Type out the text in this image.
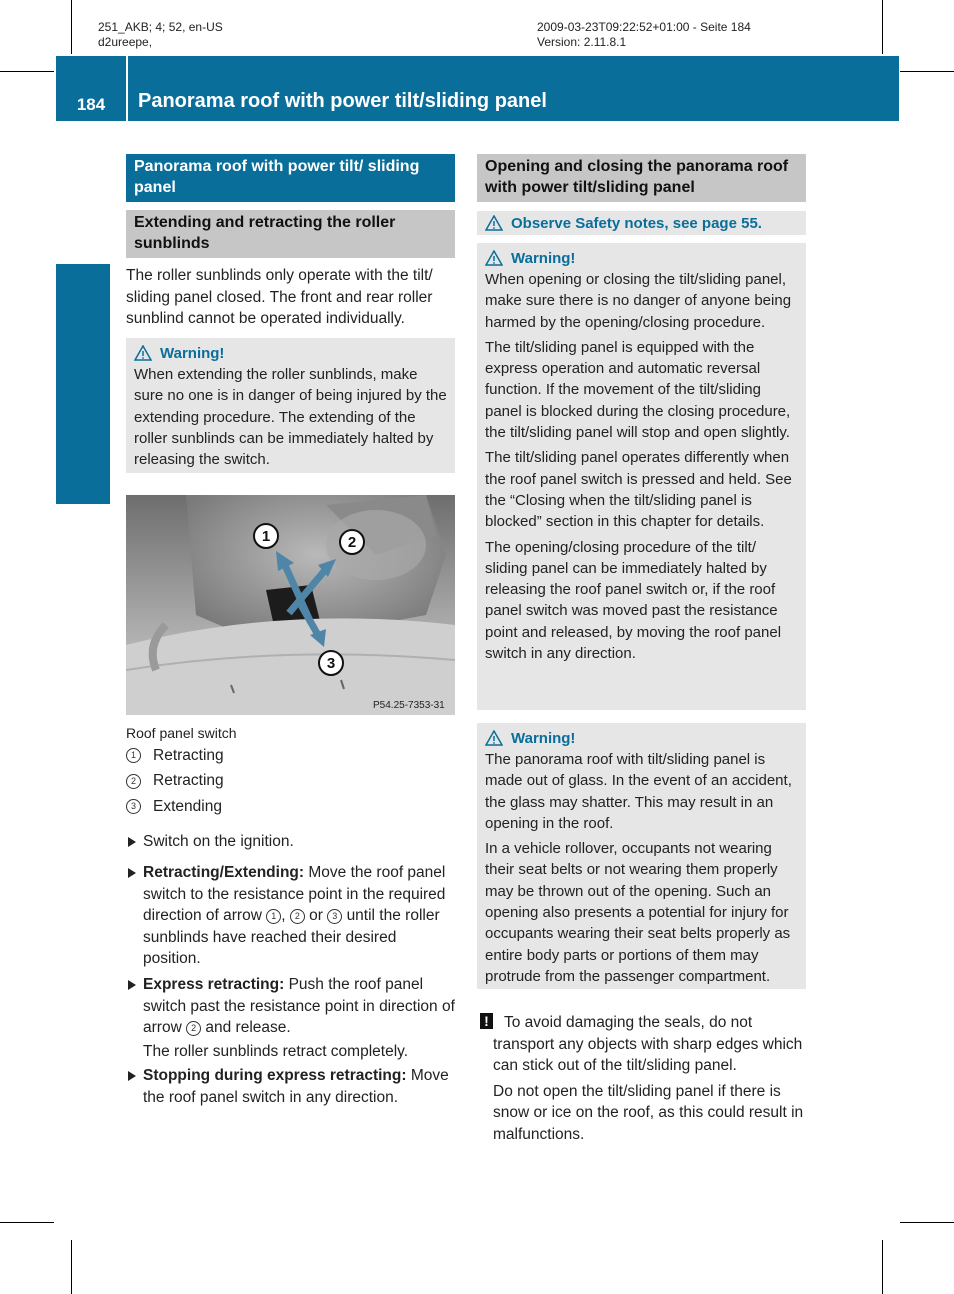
251_AKB; 4; 52, en-US
d2ureepe,
2009-03-23T09:22:52+01:00 - Seite 184
Version: 2.11.8.1
184	Panorama roof with power tilt/sliding panel
Controls in detail
Panorama roof with power tilt/ sliding panel
Extending and retracting the roller sunblinds
The roller sunblinds only operate with the tilt/ sliding panel closed. The front and rear roller sunblind cannot be operated individually.
Warning!

When extending the roller sunblinds, make sure no one is in danger of being injured by the extending procedure. The extending of the roller sunblinds can be immediately halted by releasing the switch.

1	2
3
P54.25-7353-31
Roof panel switch
1	Retracting
2	Retracting
3	Extending
Switch on the ignition.
Retracting/Extending: Move the roof panel switch to the resistance point in the required direction of arrow 1 , 2 or 3 until the roller sunblinds have reached their desired position.
Express retracting: Push the roof panel switch past the resistance point in direction of arrow 2 and release.
The roller sunblinds retract completely.
Stopping during express retracting: Move the roof panel switch in any direction.
Opening and closing the panorama roof with power tilt/sliding panel
Observe Safety notes, see page 55.
Warning!

When opening or closing the tilt/sliding panel, make sure there is no danger of anyone being harmed by the opening/closing procedure.

The tilt/sliding panel is equipped with the express operation and automatic reversal function. If the movement of the tilt/sliding panel is blocked during the closing procedure, the tilt/sliding panel will stop and open slightly.

The tilt/sliding panel operates differently when the roof panel switch is pressed and held. See the “Closing when the tilt/sliding panel is blocked” section in this chapter for details.

The opening/closing procedure of the tilt/ sliding panel can be immediately halted by releasing the roof panel switch or, if the roof panel switch was moved past the resistance point and released, by moving the roof panel switch in any direction.

Warning!

The panorama roof with tilt/sliding panel is made out of glass. In the event of an accident, the glass may shatter. This may result in an opening in the roof.

In a vehicle rollover, occupants not wearing their seat belts or not wearing them properly may be thrown out of the opening. Such an opening also presents a potential for injury for occupants wearing their seat belts properly as entire body parts or portions of them may protrude from the passenger compartment.

! To avoid damaging the seals, do not transport any objects with sharp edges which can stick out of the tilt/sliding panel.
Do not open the tilt/sliding panel if there is snow or ice on the roof, as this could result in malfunctions.
